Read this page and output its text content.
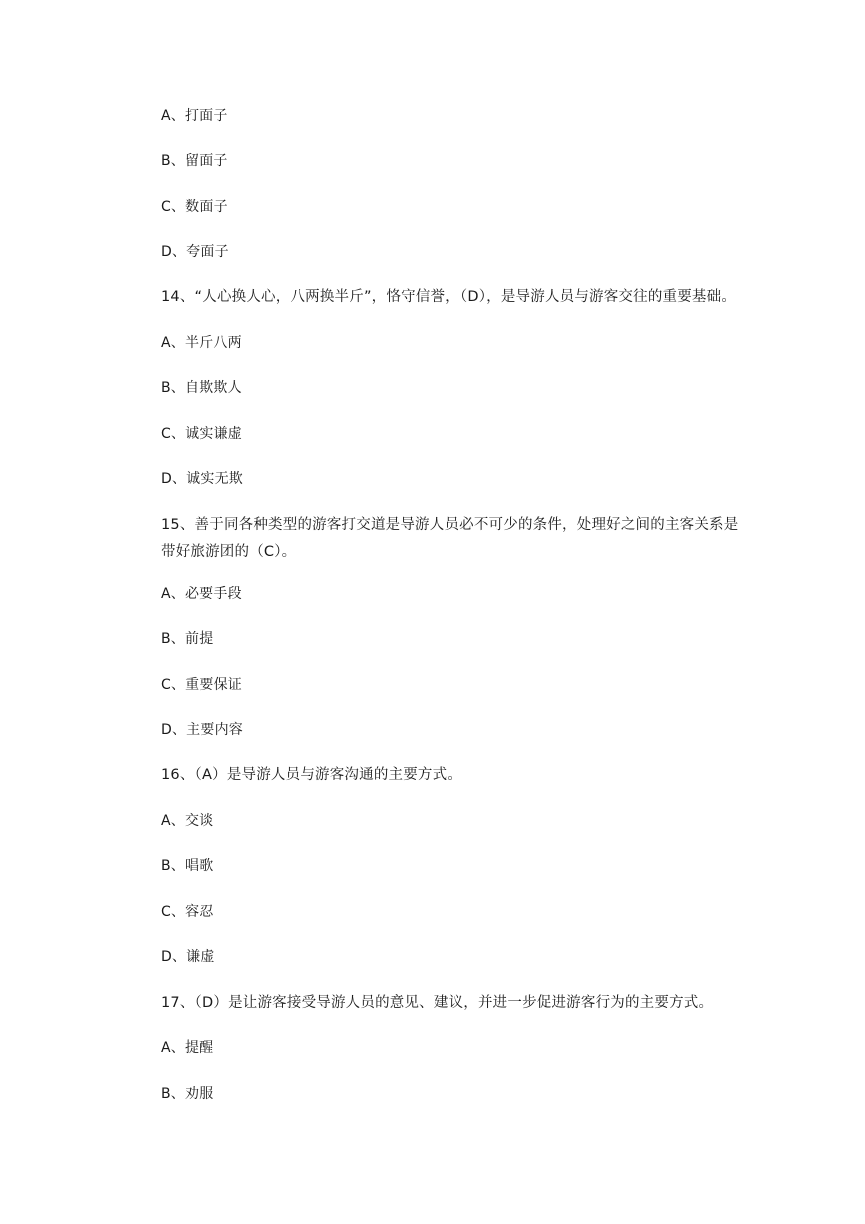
A、打面子
B、留面子
C、数面子
D、夸面子
14、“人心换人心，八两换半斤”，恪守信誉，（D），是导游人员与游客交往的重要基础。
A、半斤八两
B、自欺欺人
C、诚实谦虚
D、诚实无欺
15、善于同各种类型的游客打交道是导游人员必不可少的条件，处理好之间的主客关系是带好旅游团的（C）。
A、必要手段
B、前提
C、重要保证
D、主要内容
16、（A）是导游人员与游客沟通的主要方式。
A、交谈
B、唱歌
C、容忍
D、谦虚
17、（D）是让游客接受导游人员的意见、建议，并进一步促进游客行为的主要方式。
A、提醒
B、劝服
